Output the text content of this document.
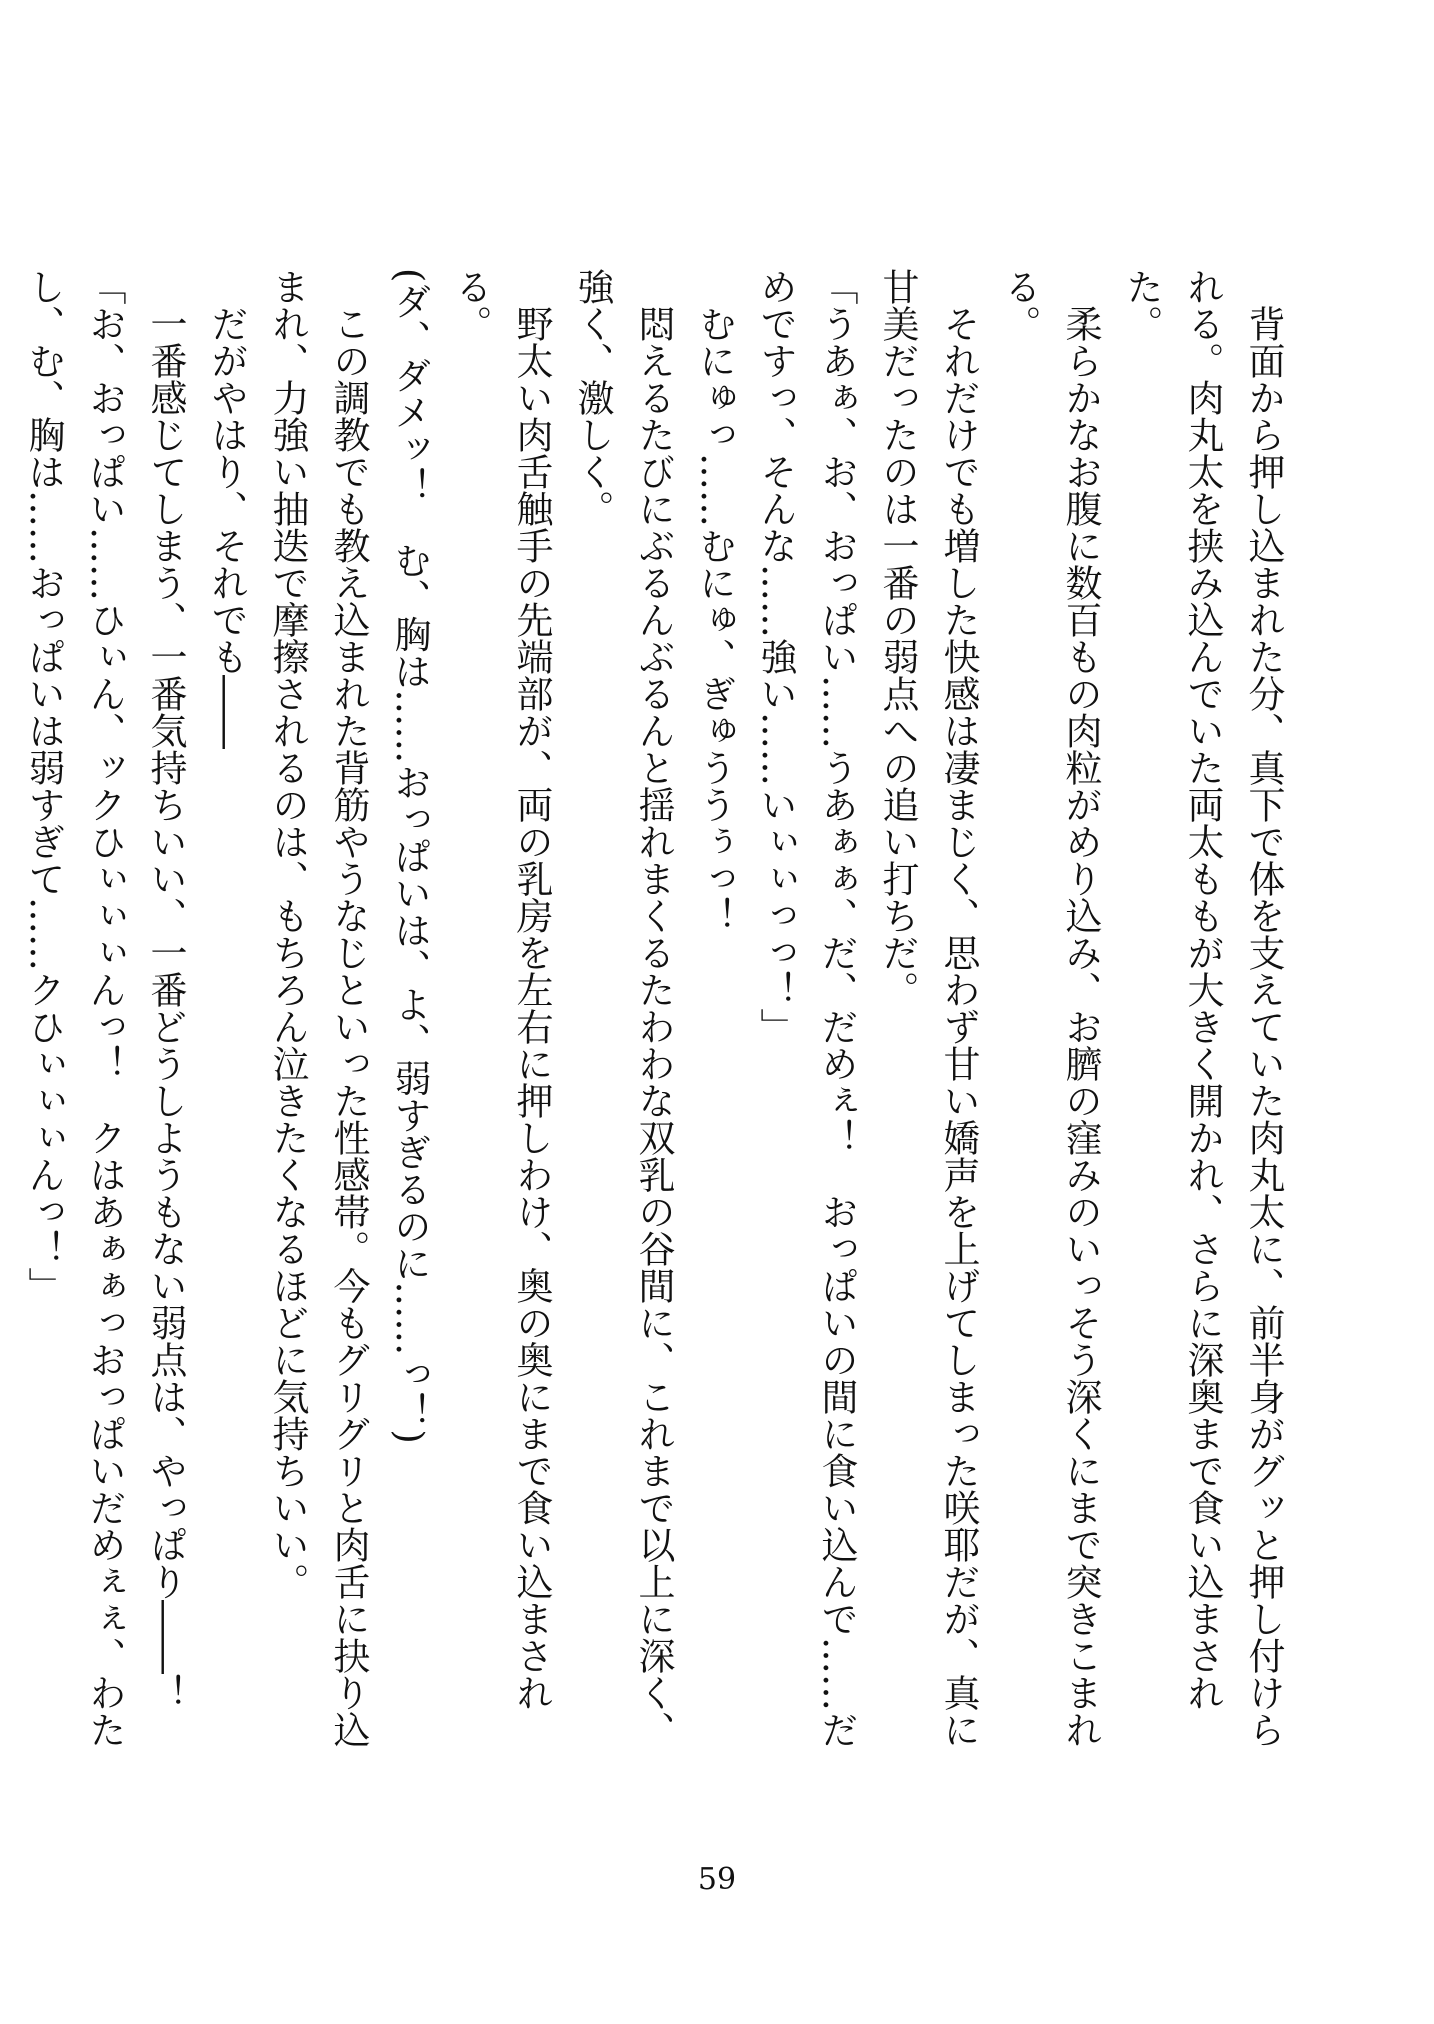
背面から押し込まれた分、真下で体を支えていた肉丸太に、前半身がグッと押し付けられる。肉丸太を挟み込んでいた両太ももが大きく開かれ、さらに深奥まで食い込まされた。

柔らかなお腹に数百もの肉粒がめり込み、お臍の窪みのいっそう深くにまで突きこまれる。

それだけでも増した快感は凄まじく、思わず甘い嬌声を上げてしまった咲耶だが、真に甘美だったのは一番の弱点への追い打ちだ。

「うあぁ、お、おっぱい……うあぁぁ、だ、だめぇ！　おっぱいの間に食い込んで……だめですっ、そんな……強い……いぃぃっっ！」

むにゅっ……むにゅ、ぎゅううぅっ！

悶えるたびにぶるんぶるんと揺れまくるたわわな双乳の谷間に、これまで以上に深く、強く、激しく。

野太い肉舌触手の先端部が、両の乳房を左右に押しわけ、奥の奥にまで食い込まされる。

(ダ、ダメッ！　む、胸は……おっぱいは、よ、弱すぎるのに……っ！)

この調教でも教え込まれた背筋やうなじといった性感帯。今もグリグリと肉舌に抉り込まれ、力強い抽迭で摩擦されるのは、もちろん泣きたくなるほどに気持ちいい。

だがやはり、それでも――

一番感じてしまう、一番気持ちいい、一番どうしようもない弱点は、やっぱり――！

「お、おっぱい……ひぃん、ックひぃぃぃんっ！　クはあぁぁっおっぱいだめぇぇ、わたし、む、胸は……おっぱいは弱すぎて……クひぃぃぃんっ！」

59
